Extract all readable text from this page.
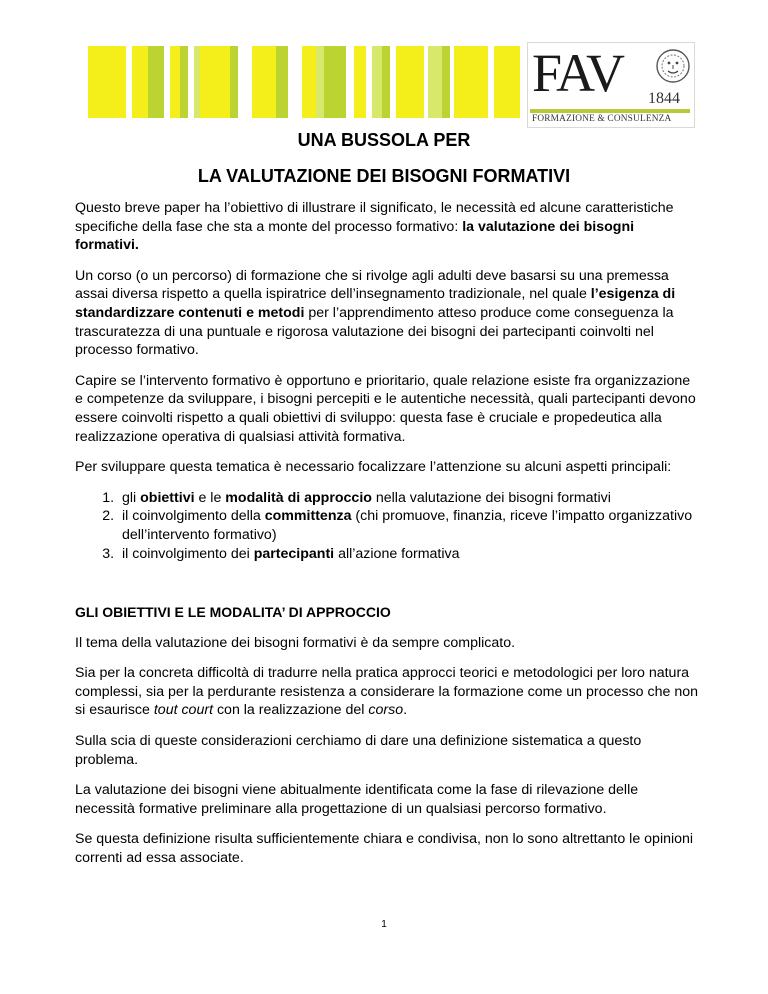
FAV 1844
FORMAZIONE & CONSULENZA
UNA BUSSOLA PER
LA VALUTAZIONE DEI BISOGNI FORMATIVI

Questo breve paper ha l’obiettivo di illustrare il significato, le necessità ed alcune caratteristiche specifiche della fase che sta a monte del processo formativo: la valutazione dei bisogni formativi.

Un corso (o un percorso) di formazione che si rivolge agli adulti deve basarsi su una premessa assai diversa rispetto a quella ispiratrice dell’insegnamento tradizionale, nel quale l’esigenza di standardizzare contenuti e metodi per l’apprendimento atteso produce come conseguenza la trascuratezza di una puntuale e rigorosa valutazione dei bisogni dei partecipanti coinvolti nel processo formativo.

Capire se l’intervento formativo è opportuno e prioritario, quale relazione esiste fra organizzazione e competenze da sviluppare, i bisogni percepiti e le autentiche necessità, quali partecipanti devono essere coinvolti rispetto a quali obiettivi di sviluppo: questa fase è cruciale e propedeutica alla realizzazione operativa di qualsiasi attività formativa.

Per sviluppare questa tematica è necessario focalizzare l’attenzione su alcuni aspetti principali:

1. gli obiettivi e le modalità di approccio nella valutazione dei bisogni formativi
2. il coinvolgimento della committenza (chi promuove, finanzia, riceve l’impatto organizzativo dell’intervento formativo)
3. il coinvolgimento dei partecipanti all’azione formativa

GLI OBIETTIVI E LE MODALITA’ DI APPROCCIO

Il tema della valutazione dei bisogni formativi è da sempre complicato.

Sia per la concreta difficoltà di tradurre nella pratica approcci teorici e metodologici per loro natura complessi, sia per la perdurante resistenza a considerare la formazione come un processo che non si esaurisce tout court con la realizzazione del corso.

Sulla scia di queste considerazioni cerchiamo di dare una definizione sistematica a questo problema.

La valutazione dei bisogni viene abitualmente identificata come la fase di rilevazione delle necessità formative preliminare alla progettazione di un qualsiasi percorso formativo.

Se questa definizione risulta sufficientemente chiara e condivisa, non lo sono altrettanto le opinioni correnti ad essa associate.

1
